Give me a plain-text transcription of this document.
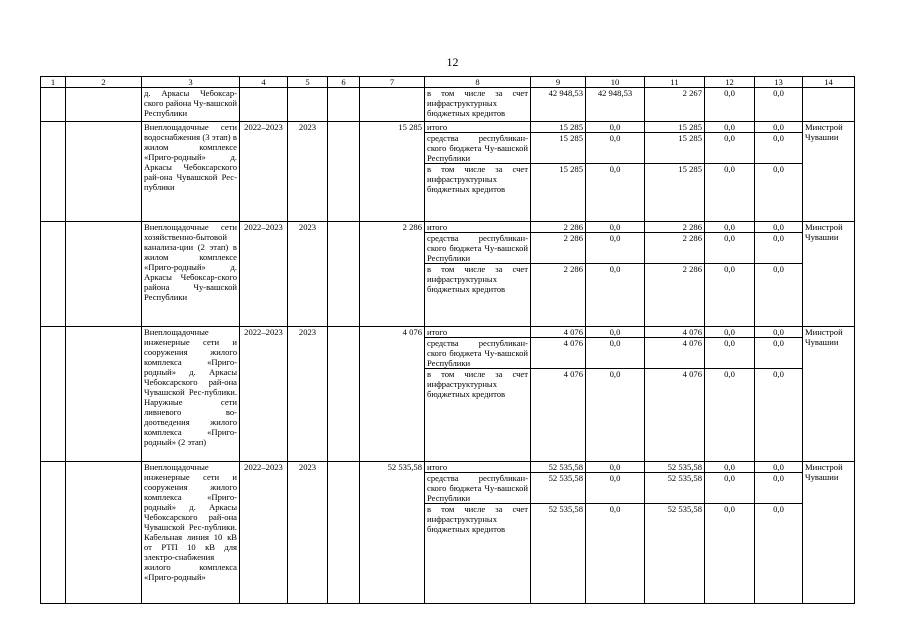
12
1	2	3	4	5	6	7	8	9	10	11	12	13	14
		д. Аркасы Чебоксар-ского района Чу-вашской Республики					в том числе за счет инфраструктурных бюджетных кредитов	42 948,53	42 948,53	2 267	0,0	0,0	
		Внеплощадочные сети водоснабжения (3 этап) в жилом комплексе «Приго-родный» д. Аркасы Чебоксарского рай-она Чувашской Рес-публики	2022–2023	2023		15 285	итого	15 285	0,0	15 285	0,0	0,0	Минстрой Чувашии
							средства республикан-ского бюджета Чу-вашской Республики	15 285	0,0	15 285	0,0	0,0	
							в том числе за счет инфраструктурных бюджетных кредитов	15 285	0,0	15 285	0,0	0,0	
		Внеплощадочные сети хозяйственно-бытовой канализа-ции (2 этап) в жилом комплексе «Приго-родный» д. Аркасы Чебоксар-ского района Чу-вашской Республики	2022–2023	2023		2 286	итого	2 286	0,0	2 286	0,0	0,0	Минстрой Чувашии
							средства республикан-ского бюджета Чу-вашской Республики	2 286	0,0	2 286	0,0	0,0	
							в том числе за счет инфраструктурных бюджетных кредитов	2 286	0,0	2 286	0,0	0,0	
		Внеплощадочные инженерные сети и сооружения жилого комплекса «Приго-родный» д. Аркасы Чебоксарского рай-она Чувашской Рес-публики. Наружные сети ливневого во-доотведения жилого комплекса «Приго-родный» (2 этап)	2022–2023	2023		4 076	итого	4 076	0,0	4 076	0,0	0,0	Минстрой Чувашии
							средства республикан-ского бюджета Чу-вашской Республики	4 076	0,0	4 076	0,0	0,0	
							в том числе за счет инфраструктурных бюджетных кредитов	4 076	0,0	4 076	0,0	0,0	
		Внеплощадочные инженерные сети и сооружения жилого комплекса «Приго-родный» д. Аркасы Чебоксарского рай-она Чувашской Рес-публики. Кабельная линия 10 кВ от РТП 10 кВ для электро-снабжения жилого комплекса «Приго-родный»	2022–2023	2023		52 535,58	итого	52 535,58	0,0	52 535,58	0,0	0,0	Минстрой Чувашии
							средства республикан-ского бюджета Чу-вашской Республики	52 535,58	0,0	52 535,58	0,0	0,0	
							в том числе за счет инфраструктурных бюджетных кредитов	52 535,58	0,0	52 535,58	0,0	0,0	
